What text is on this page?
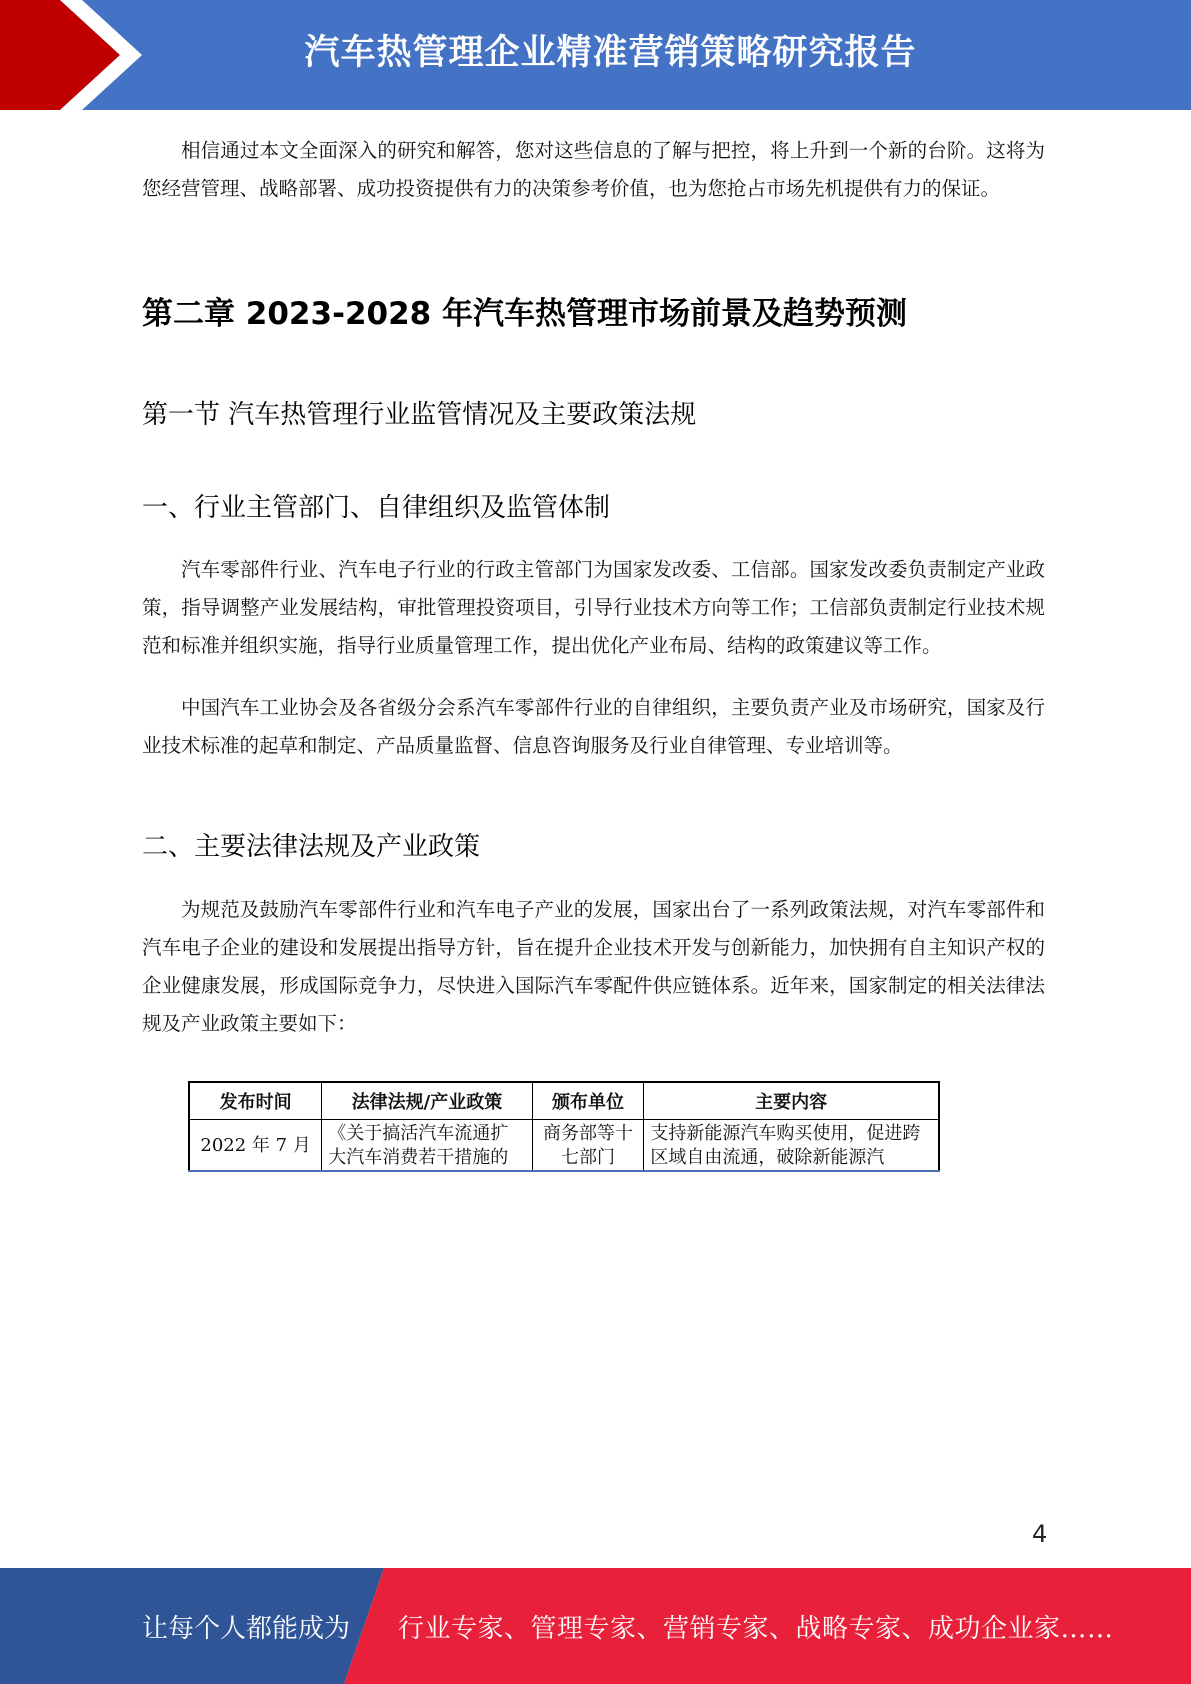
汽车热管理企业精准营销策略研究报告

相信通过本文全面深入的研究和解答，您对这些信息的了解与把控，将上升到一个新的台阶。这将为您经营管理、战略部署、成功投资提供有力的决策参考价值，也为您抢占市场先机提供有力的保证。

第二章 2023-2028 年汽车热管理市场前景及趋势预测
第一节 汽车热管理行业监管情况及主要政策法规
一、行业主管部门、自律组织及监管体制

汽车零部件行业、汽车电子行业的行政主管部门为国家发改委、工信部。国家发改委负责制定产业政策，指导调整产业发展结构，审批管理投资项目，引导行业技术方向等工作；工信部负责制定行业技术规范和标准并组织实施，指导行业质量管理工作，提出优化产业布局、结构的政策建议等工作。

中国汽车工业协会及各省级分会系汽车零部件行业的自律组织，主要负责产业及市场研究，国家及行业技术标准的起草和制定、产品质量监督、信息咨询服务及行业自律管理、专业培训等。

二、主要法律法规及产业政策

为规范及鼓励汽车零部件行业和汽车电子产业的发展，国家出台了一系列政策法规，对汽车零部件和汽车电子企业的建设和发展提出指导方针，旨在提升企业技术开发与创新能力，加快拥有自主知识产权的企业健康发展，形成国际竞争力，尽快进入国际汽车零配件供应链体系。近年来，国家制定的相关法律法规及产业政策主要如下：

发布时间	法律法规/产业政策	颁布单位	主要内容
2022 年 7 月	《关于搞活汽车流通扩大汽车消费若干措施的	商务部等十七部门	支持新能源汽车购买使用，促进跨区域自由流通，破除新能源汽
4
让每个人都能成为 行业专家、管理专家、营销专家、战略专家、成功企业家……
